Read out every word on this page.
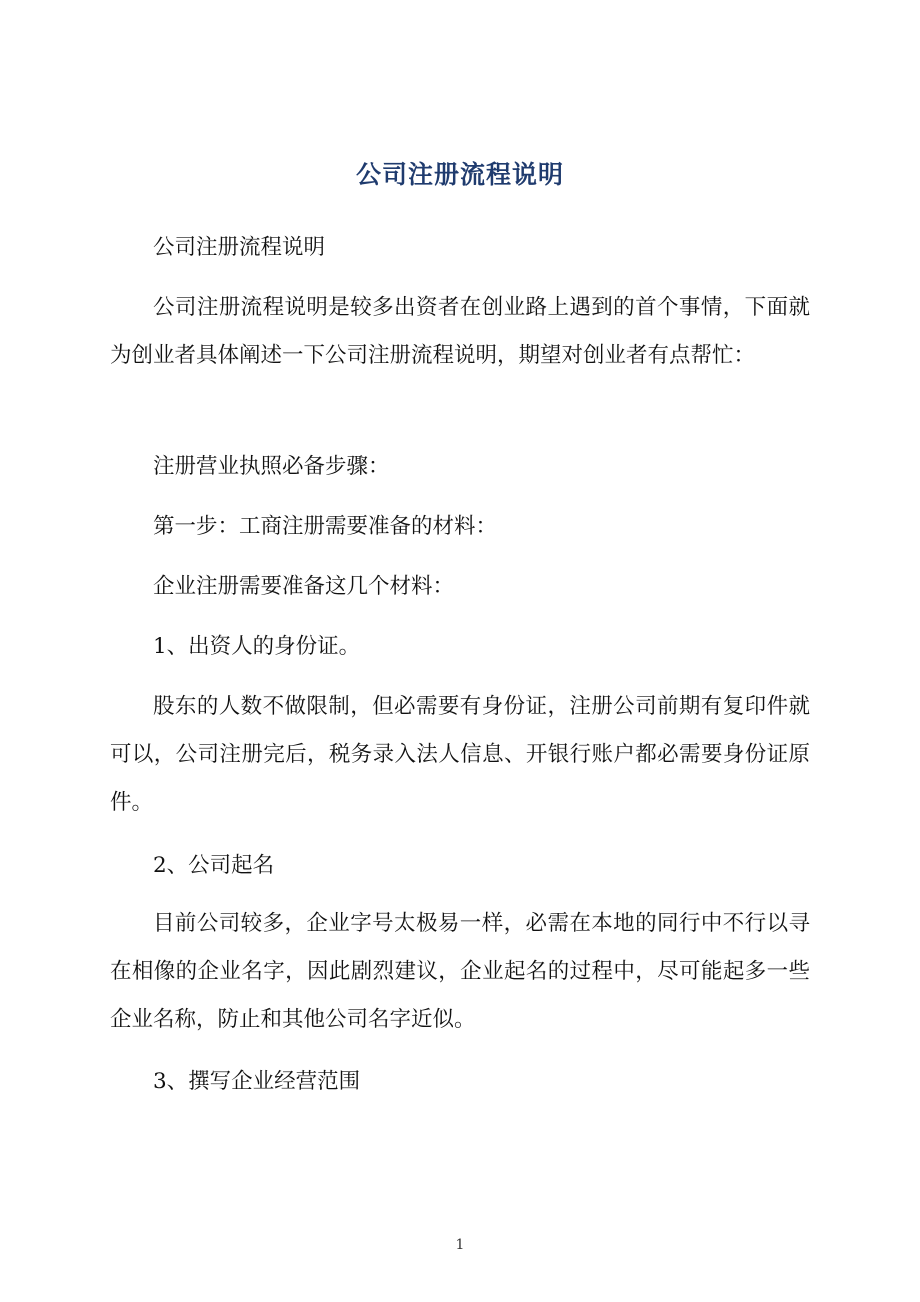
公司注册流程说明

公司注册流程说明

公司注册流程说明是较多出资者在创业路上遇到的首个事情，下面就为创业者具体阐述一下公司注册流程说明，期望对创业者有点帮忙：

注册营业执照必备步骤：

第一步：工商注册需要准备的材料：

企业注册需要准备这几个材料：

1、出资人的身份证。

股东的人数不做限制，但必需要有身份证，注册公司前期有复印件就可以，公司注册完后，税务录入法人信息、开银行账户都必需要身份证原件。

2、公司起名

目前公司较多，企业字号太极易一样，必需在本地的同行中不行以寻在相像的企业名字，因此剧烈建议，企业起名的过程中，尽可能起多一些企业名称，防止和其他公司名字近似。

3、撰写企业经营范围

1
